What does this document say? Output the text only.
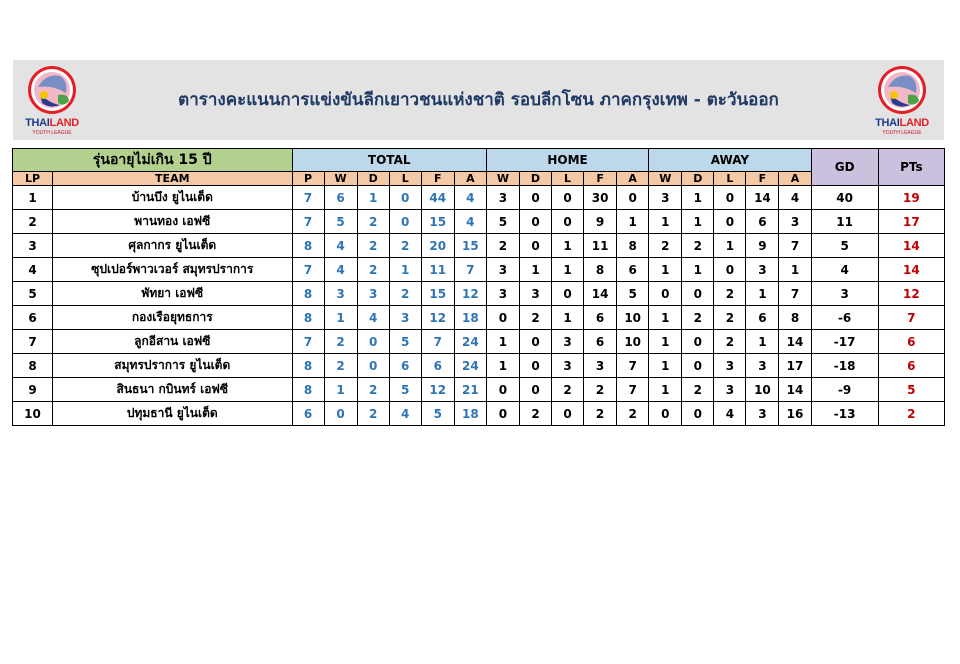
THAILAND
YOUTH LEAGUE
ตารางคะแนนการแข่งขันลีกเยาวชนแห่งชาติ รอบลีกโซน ภาคกรุงเทพ - ตะวันออก
THAILAND
YOUTH LEAGUE
รุ่นอายุไม่เกิน 15 ปี		TOTAL						HOME					AWAY					GD	PTs
LP	TEAM	P	W	D	L	F	A	W	D	L	F	A	W	D	L	F	A		
1	บ้านบึง ยูไนเต็ด	7	6	1	0	44	4	3	0	0	30	0	3	1	0	14	4	40	19
2	พานทอง เอฟซี	7	5	2	0	15	4	5	0	0	9	1	1	1	0	6	3	11	17
3	ศุลกากร ยูไนเต็ด	8	4	2	2	20	15	2	0	1	11	8	2	2	1	9	7	5	14
4	ซุปเปอร์พาวเวอร์ สมุทรปราการ	7	4	2	1	11	7	3	1	1	8	6	1	1	0	3	1	4	14
5	พัทยา เอฟซี	8	3	3	2	15	12	3	3	0	14	5	0	0	2	1	7	3	12
6	กองเรือยุทธการ	8	1	4	3	12	18	0	2	1	6	10	1	2	2	6	8	-6	7
7	ลูกอีสาน เอฟซี	7	2	0	5	7	24	1	0	3	6	10	1	0	2	1	14	-17	6
8	สมุทรปราการ ยูไนเต็ด	8	2	0	6	6	24	1	0	3	3	7	1	0	3	3	17	-18	6
9	สินธนา กบินทร์ เอฟซี	8	1	2	5	12	21	0	0	2	2	7	1	2	3	10	14	-9	5
10	ปทุมธานี ยูไนเต็ด	6	0	2	4	5	18	0	2	0	2	2	0	0	4	3	16	-13	2
